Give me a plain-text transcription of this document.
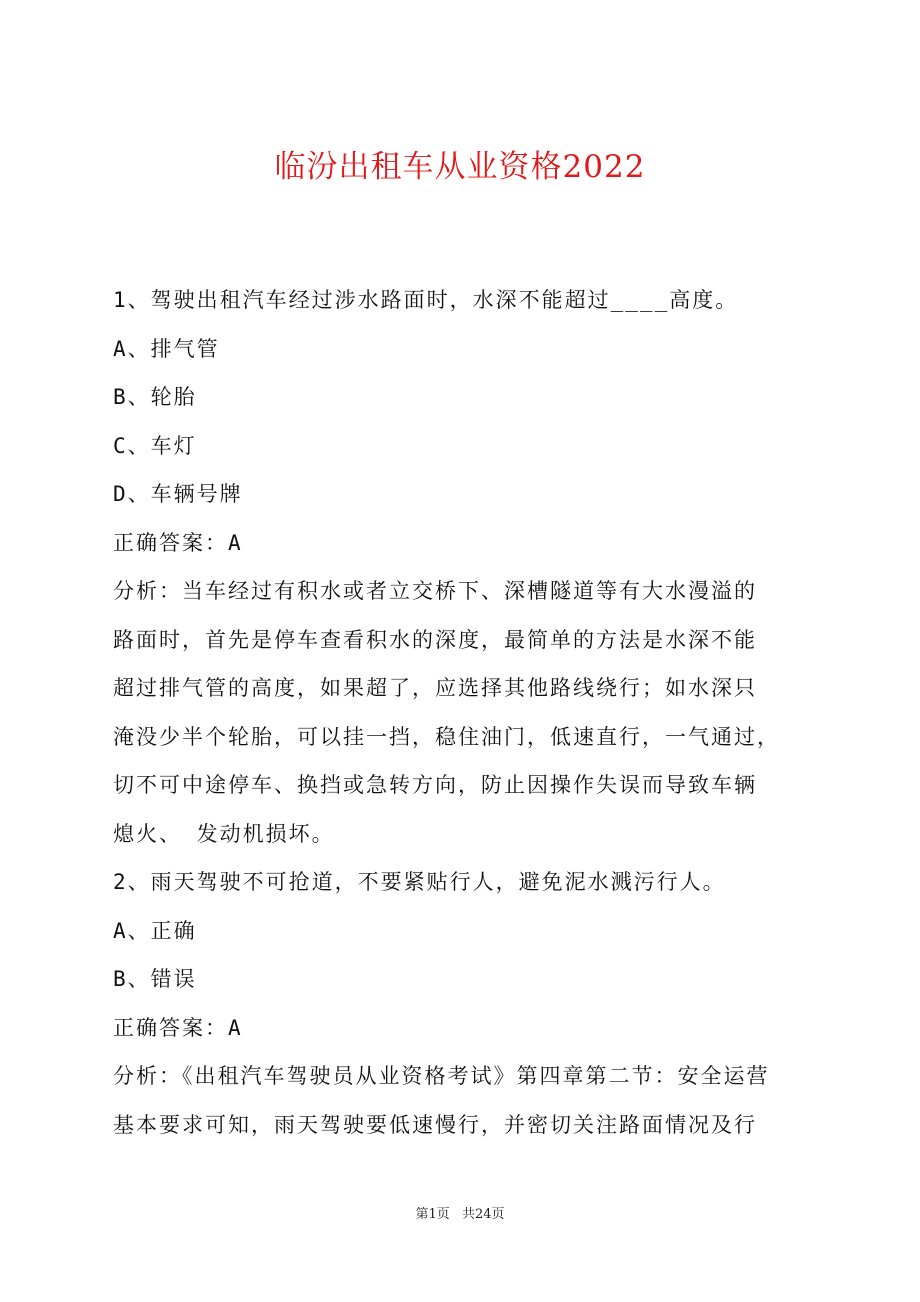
临汾出租车从业资格2022

1、驾驶出租汽车经过涉水路面时，水深不能超过____高度。

A、排气管

B、轮胎

C、车灯

D、车辆号牌

正确答案：A

分析：当车经过有积水或者立交桥下、深槽隧道等有大水漫溢的

路面时，首先是停车查看积水的深度，最简单的方法是水深不能

超过排气管的高度，如果超了，应选择其他路线绕行；如水深只

淹没少半个轮胎，可以挂一挡，稳住油门，低速直行，一气通过，

切不可中途停车、换挡或急转方向，防止因操作失误而导致车辆

熄火、 发动机损坏。

2、雨天驾驶不可抢道，不要紧贴行人，避免泥水溅污行人。

A、正确

B、错误

正确答案：A

分析：《出租汽车驾驶员从业资格考试》第四章第二节：安全运营

基本要求可知，雨天驾驶要低速慢行，并密切关注路面情况及行

第1页 共24页
